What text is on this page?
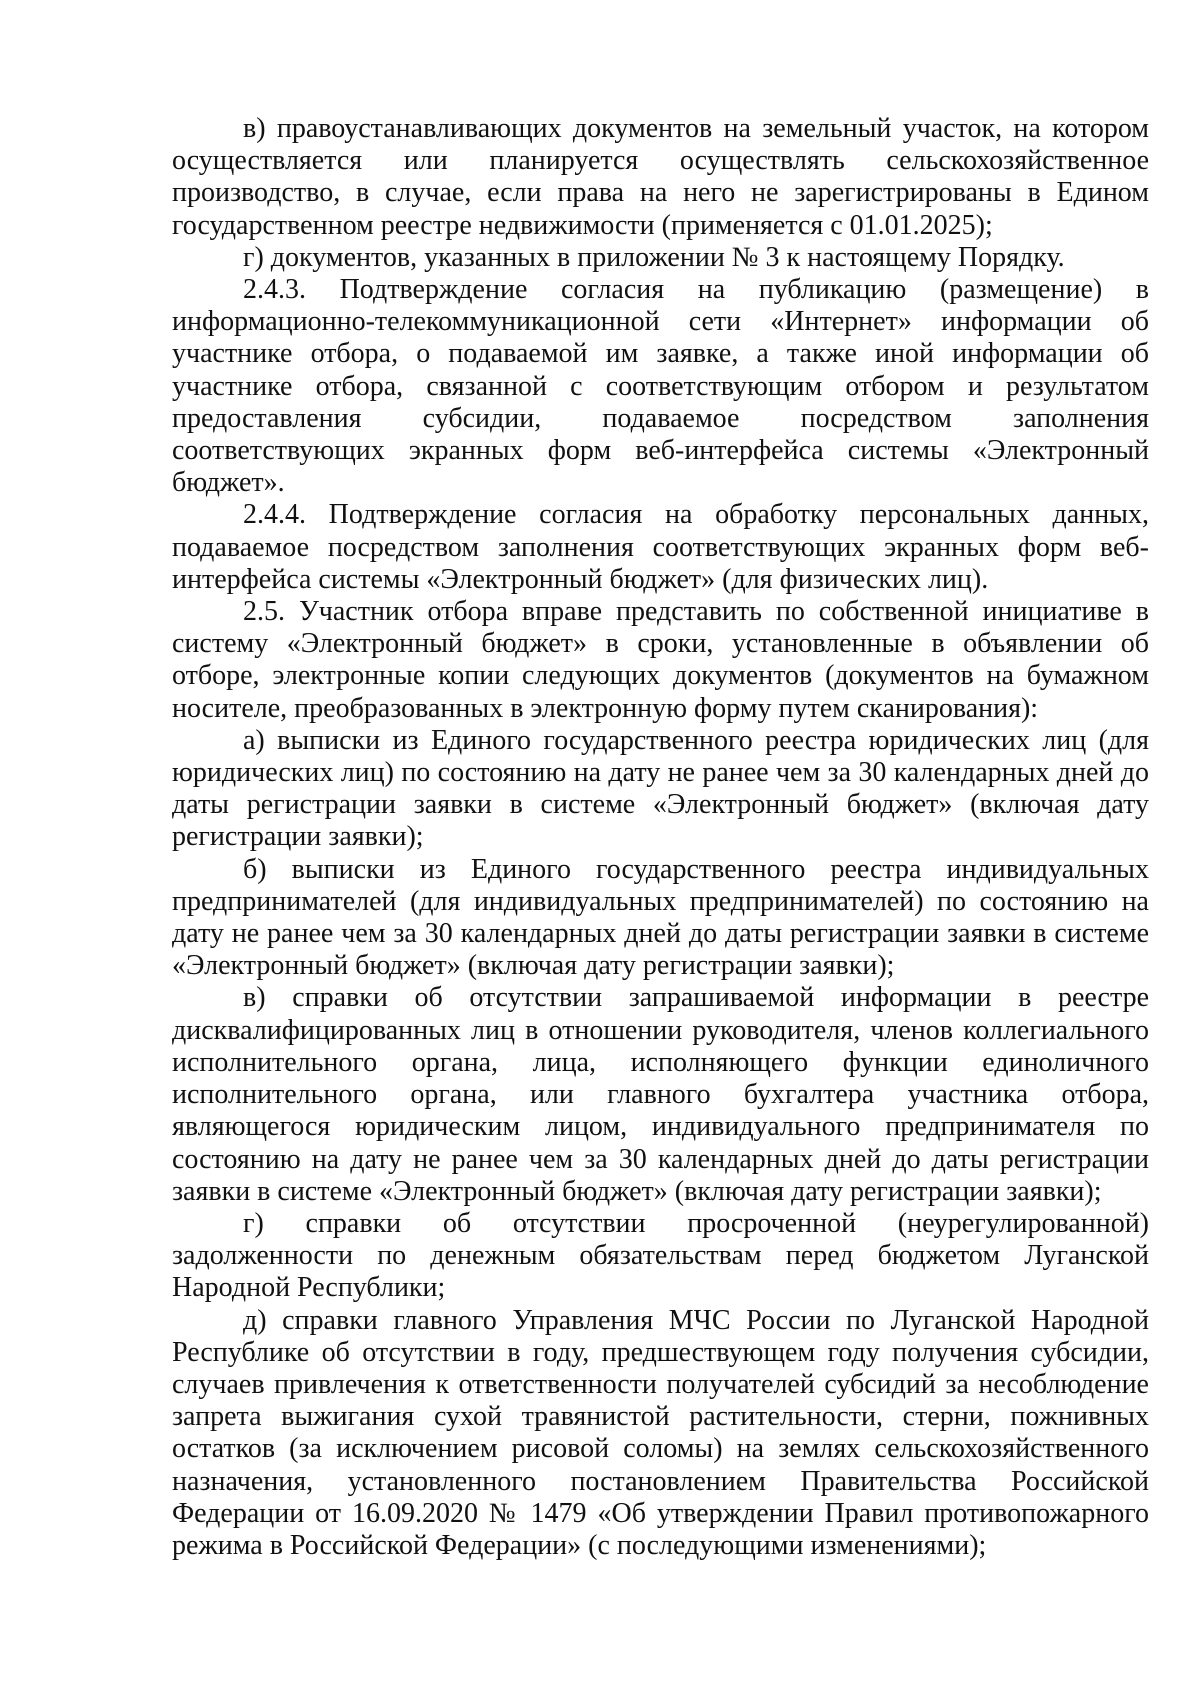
в) правоустанавливающих документов на земельный участок, на котором осуществляется или планируется осуществлять сельскохозяйственное производство, в случае, если права на него не зарегистрированы в Едином государственном реестре недвижимости (применяется с 01.01.2025);

г) документов, указанных в приложении № 3 к настоящему Порядку.

2.4.3. Подтверждение согласия на публикацию (размещение) в информационно-телекоммуникационной сети «Интернет» информации об участнике отбора, о подаваемой им заявке, а также иной информации об участнике отбора, связанной с соответствующим отбором и результатом предоставления субсидии, подаваемое посредством заполнения соответствующих экранных форм веб-интерфейса системы «Электронный бюджет».

2.4.4. Подтверждение согласия на обработку персональных данных, подаваемое посредством заполнения соответствующих экранных форм веб-интерфейса системы «Электронный бюджет» (для физических лиц).

2.5. Участник отбора вправе представить по собственной инициативе в систему «Электронный бюджет» в сроки, установленные в объявлении об отборе, электронные копии следующих документов (документов на бумажном носителе, преобразованных в электронную форму путем сканирования):

а) выписки из Единого государственного реестра юридических лиц (для юридических лиц) по состоянию на дату не ранее чем за 30 календарных дней до даты регистрации заявки в системе «Электронный бюджет» (включая дату регистрации заявки);

б) выписки из Единого государственного реестра индивидуальных предпринимателей (для индивидуальных предпринимателей) по состоянию на дату не ранее чем за 30 календарных дней до даты регистрации заявки в системе «Электронный бюджет» (включая дату регистрации заявки);

в) справки об отсутствии запрашиваемой информации в реестре дисквалифицированных лиц в отношении руководителя, членов коллегиального исполнительного органа, лица, исполняющего функции единоличного исполнительного органа, или главного бухгалтера участника отбора, являющегося юридическим лицом, индивидуального предпринимателя по состоянию на дату не ранее чем за 30 календарных дней до даты регистрации заявки в системе «Электронный бюджет» (включая дату регистрации заявки);

г) справки об отсутствии просроченной (неурегулированной) задолженности по денежным обязательствам перед бюджетом Луганской Народной Республики;

д) справки главного Управления МЧС России по Луганской Народной Республике об отсутствии в году, предшествующем году получения субсидии, случаев привлечения к ответственности получателей субсидий за несоблюдение запрета выжигания сухой травянистой растительности, стерни, пожнивных остатков (за исключением рисовой соломы) на землях сельскохозяйственного назначения, установленного постановлением Правительства Российской Федерации от 16.09.2020 № 1479 «Об утверждении Правил противопожарного режима в Российской Федерации» (с последующими изменениями);
